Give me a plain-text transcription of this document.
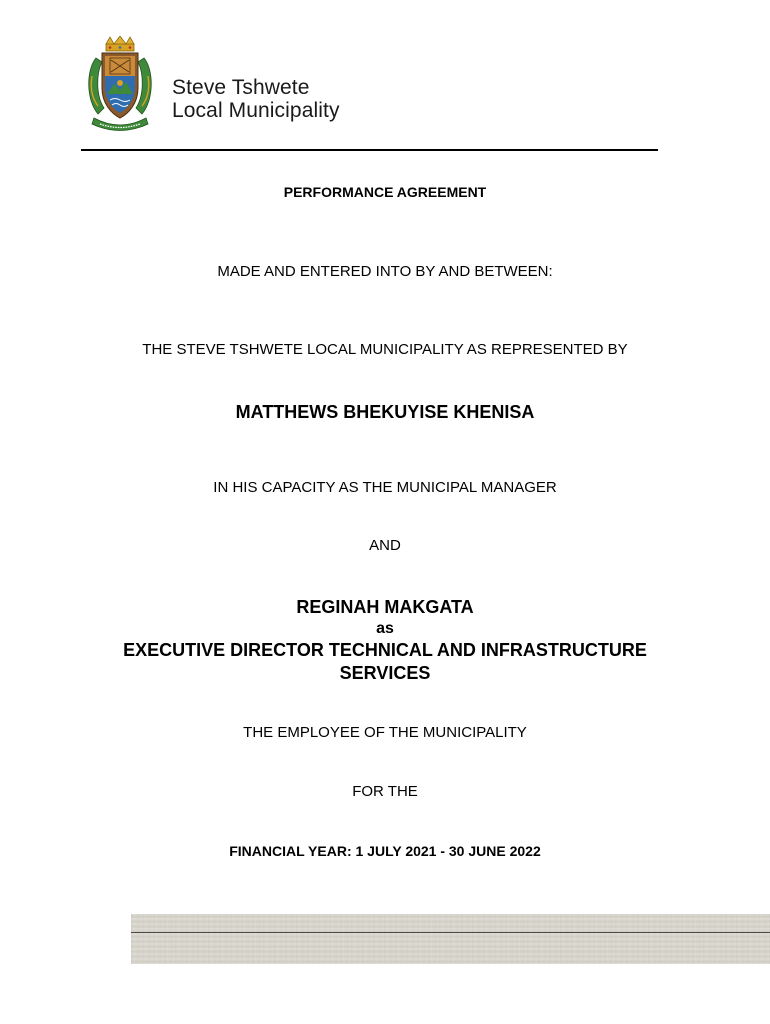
Steve Tshwete
Local Municipality
PERFORMANCE AGREEMENT
MADE AND ENTERED INTO BY AND BETWEEN:
THE STEVE TSHWETE LOCAL MUNICIPALITY AS REPRESENTED BY
MATTHEWS BHEKUYISE KHENISA
IN HIS CAPACITY AS THE MUNICIPAL MANAGER
AND
REGINAH MAKGATA
as
EXECUTIVE DIRECTOR TECHNICAL AND INFRASTRUCTURE
SERVICES
THE EMPLOYEE OF THE MUNICIPALITY
FOR THE
FINANCIAL YEAR: 1 JULY 2021 - 30 JUNE 2022
